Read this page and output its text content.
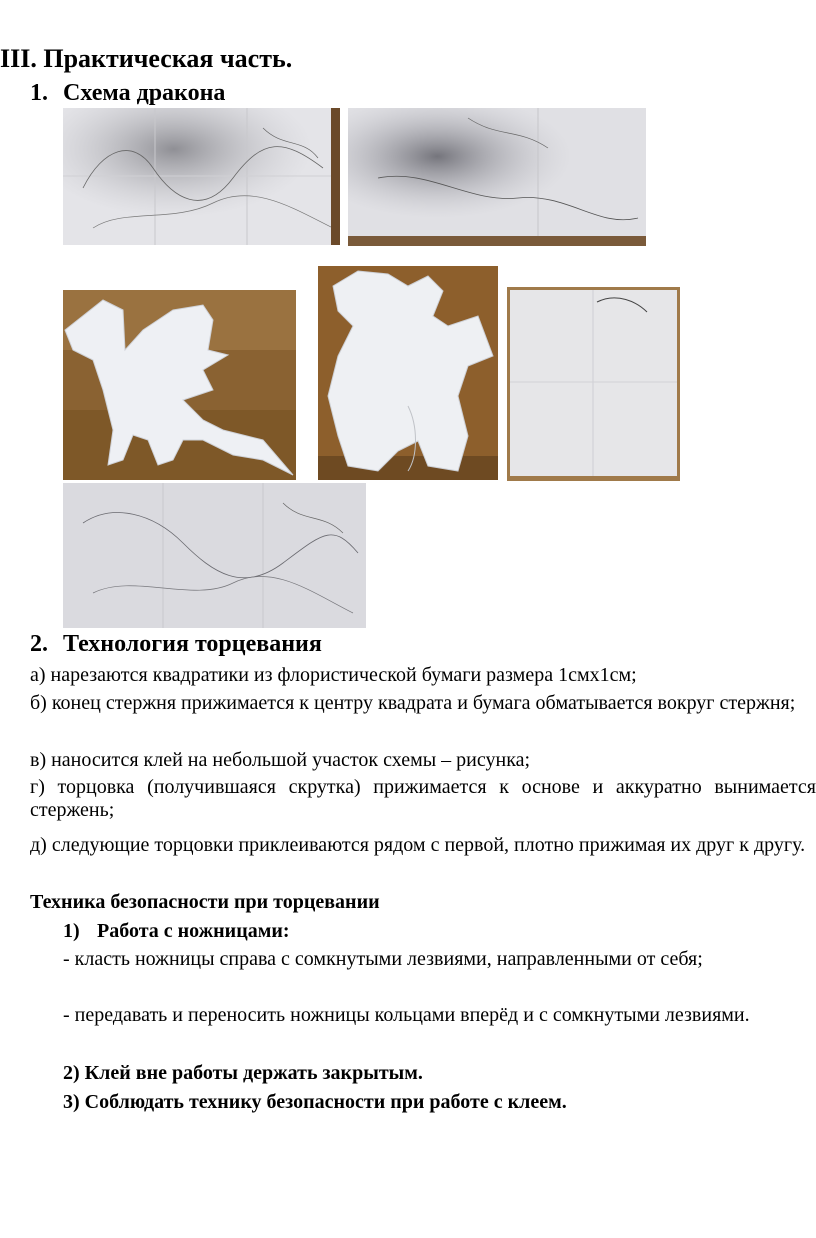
III. Практическая часть.
1. Схема дракона
2. Технология торцевания
а) нарезаются квадратики из флористической бумаги размера 1смх1см;
б) конец стержня прижимается к центру квадрата и бумага обматывается вокруг стержня;
в) наносится клей на небольшой участок схемы – рисунка;
г) торцовка (получившаяся скрутка) прижимается к основе и аккуратно вынимается стержень;
д) следующие торцовки приклеиваются рядом с первой, плотно прижимая их друг к другу.
Техника безопасности при торцевании
1) Работа с ножницами:
- класть ножницы справа с сомкнутыми лезвиями, направленными от себя;
- передавать и переносить ножницы кольцами вперёд и с сомкнутыми лезвиями.
2) Клей вне работы держать закрытым.
3) Соблюдать технику безопасности при работе с клеем.
